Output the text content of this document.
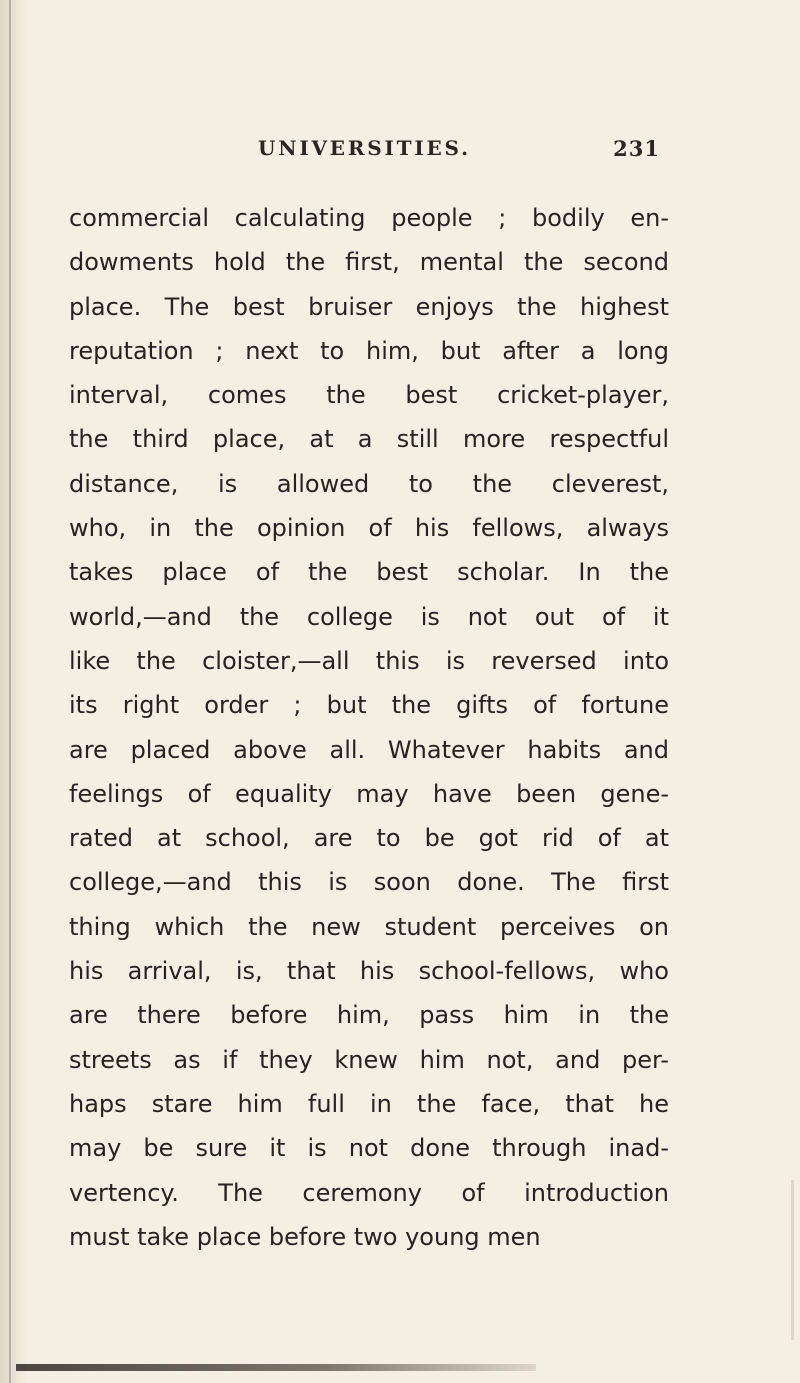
UNIVERSITIES.	231
commercial calculating people ; bodily en-
dowments hold the first, mental the second
place. The best bruiser enjoys the highest
reputation ; next to him, but after a long
interval, comes the best cricket-player,
the third place, at a still more respectful
distance, is allowed to the cleverest,
who, in the opinion of his fellows, always
takes place of the best scholar. In the
world,—and the college is not out of it
like the cloister,—all this is reversed into
its right order ; but the gifts of fortune
are placed above all. Whatever habits and
feelings of equality may have been gene-
rated at school, are to be got rid of at
college,—and this is soon done. The first
thing which the new student perceives on
his arrival, is, that his school-fellows, who
are there before him, pass him in the
streets as if they knew him not, and per-
haps stare him full in the face, that he
may be sure it is not done through inad-
vertency. The ceremony of introduction
must take place before two young men
